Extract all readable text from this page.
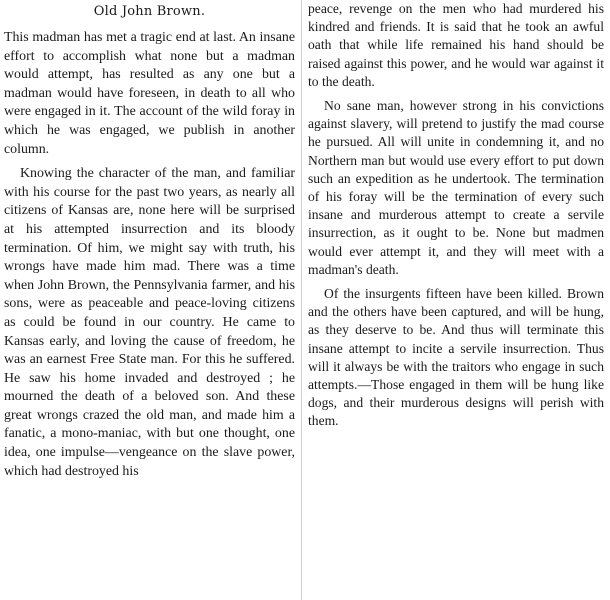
Old John Brown.

This madman has met a tragic end at last. An insane effort to accomplish what none but a madman would attempt, has resulted as any one but a madman would have foreseen, in death to all who were engaged in it. The account of the wild foray in which he was engaged, we publish in another column.

Knowing the character of the man, and familiar with his course for the past two years, as nearly all citizens of Kansas are, none here will be surprised at his attempted insurrection and its bloody termination. Of him, we might say with truth, his wrongs have made him mad. There was a time when John Brown, the Pennsylvania farmer, and his sons, were as peaceable and peace-loving citizens as could be found in our country. He came to Kansas early, and loving the cause of freedom, he was an earnest Free State man. For this he suffered. He saw his home invaded and destroyed ; he mourned the death of a beloved son. And these great wrongs crazed the old man, and made him a fanatic, a mono-maniac, with but one thought, one idea, one impulse—vengeance on the slave power, which had destroyed his

peace, revenge on the men who had murdered his kindred and friends. It is said that he took an awful oath that while life remained his hand should be raised against this power, and he would war against it to the death.

No sane man, however strong in his convictions against slavery, will pretend to justify the mad course he pursued. All will unite in condemning it, and no Northern man but would use every effort to put down such an expedition as he undertook. The termination of his foray will be the termination of every such insane and murderous attempt to create a servile insurrection, as it ought to be. None but madmen would ever attempt it, and they will meet with a madman's death.

Of the insurgents fifteen have been killed. Brown and the others have been captured, and will be hung, as they deserve to be. And thus will terminate this insane attempt to incite a servile insurrection. Thus will it always be with the traitors who engage in such attempts.—Those engaged in them will be hung like dogs, and their murderous designs will perish with them.
